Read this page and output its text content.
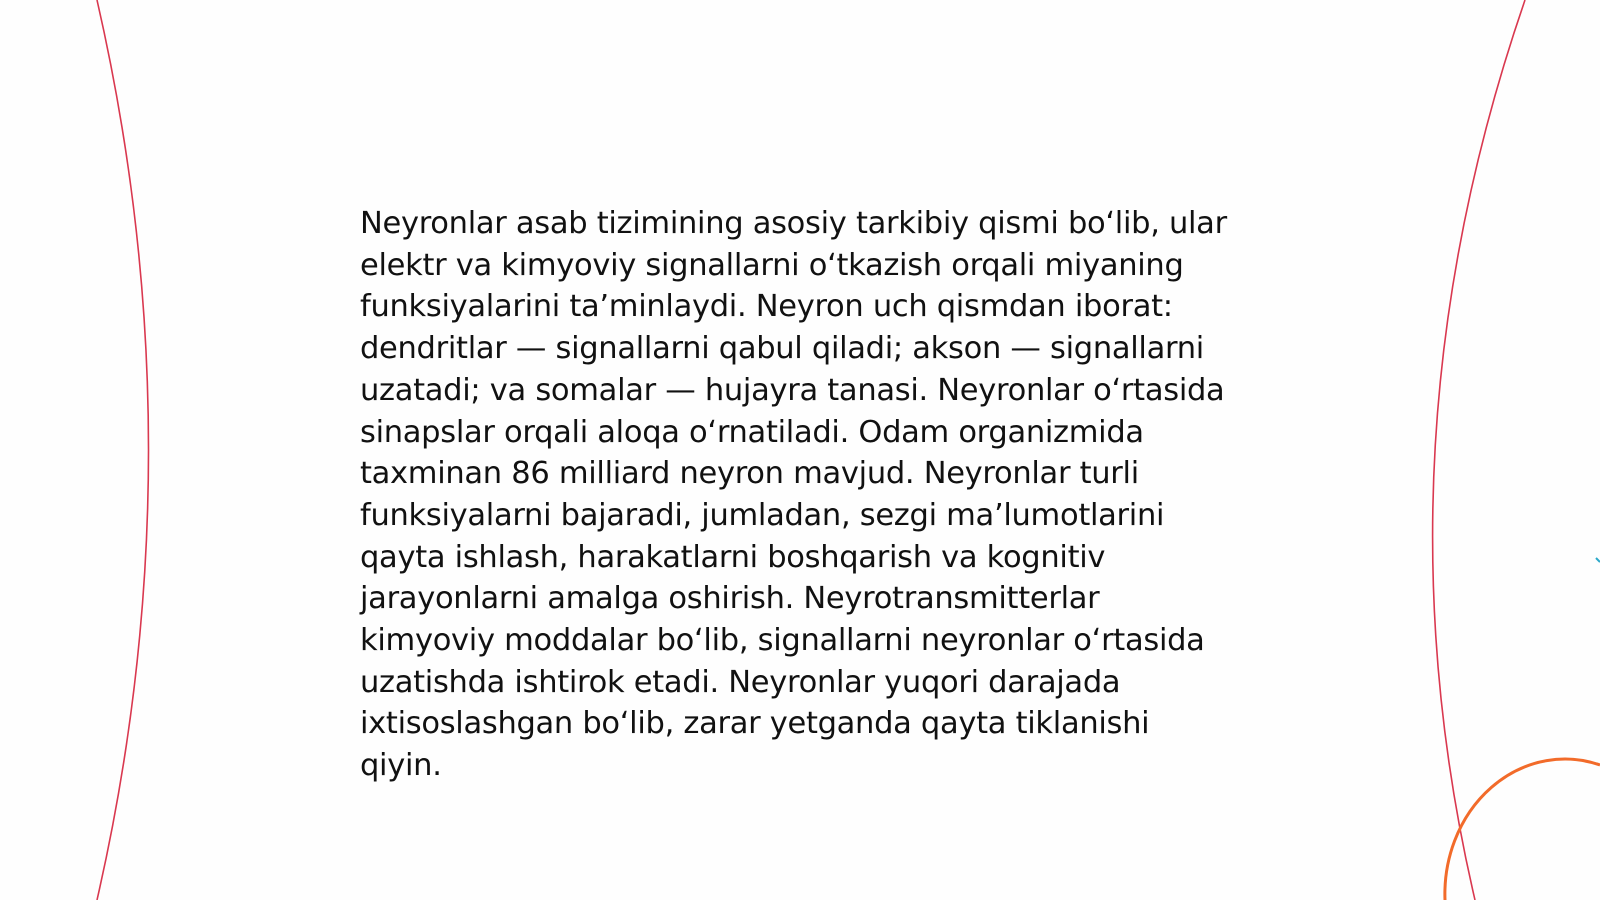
Neyronlar asab tizimining asosiy tarkibiy qismi bo‘lib, ular elektr va kimyoviy signallarni o‘tkazish orqali miyaning funksiyalarini ta’minlaydi. Neyron uch qismdan iborat: dendritlar — signallarni qabul qiladi; akson — signallarni uzatadi; va somalar — hujayra tanasi. Neyronlar o‘rtasida sinapslar orqali aloqa o‘rnatiladi. Odam organizmida taxminan 86 milliard neyron mavjud. Neyronlar turli funksiyalarni bajaradi, jumladan, sezgi ma’lumotlarini qayta ishlash, harakatlarni boshqarish va kognitiv jarayonlarni amalga oshirish. Neyrotransmitterlar kimyoviy moddalar bo‘lib, signallarni neyronlar o‘rtasida uzatishda ishtirok etadi. Neyronlar yuqori darajada ixtisoslashgan bo‘lib, zarar yetganda qayta tiklanishi qiyin.
